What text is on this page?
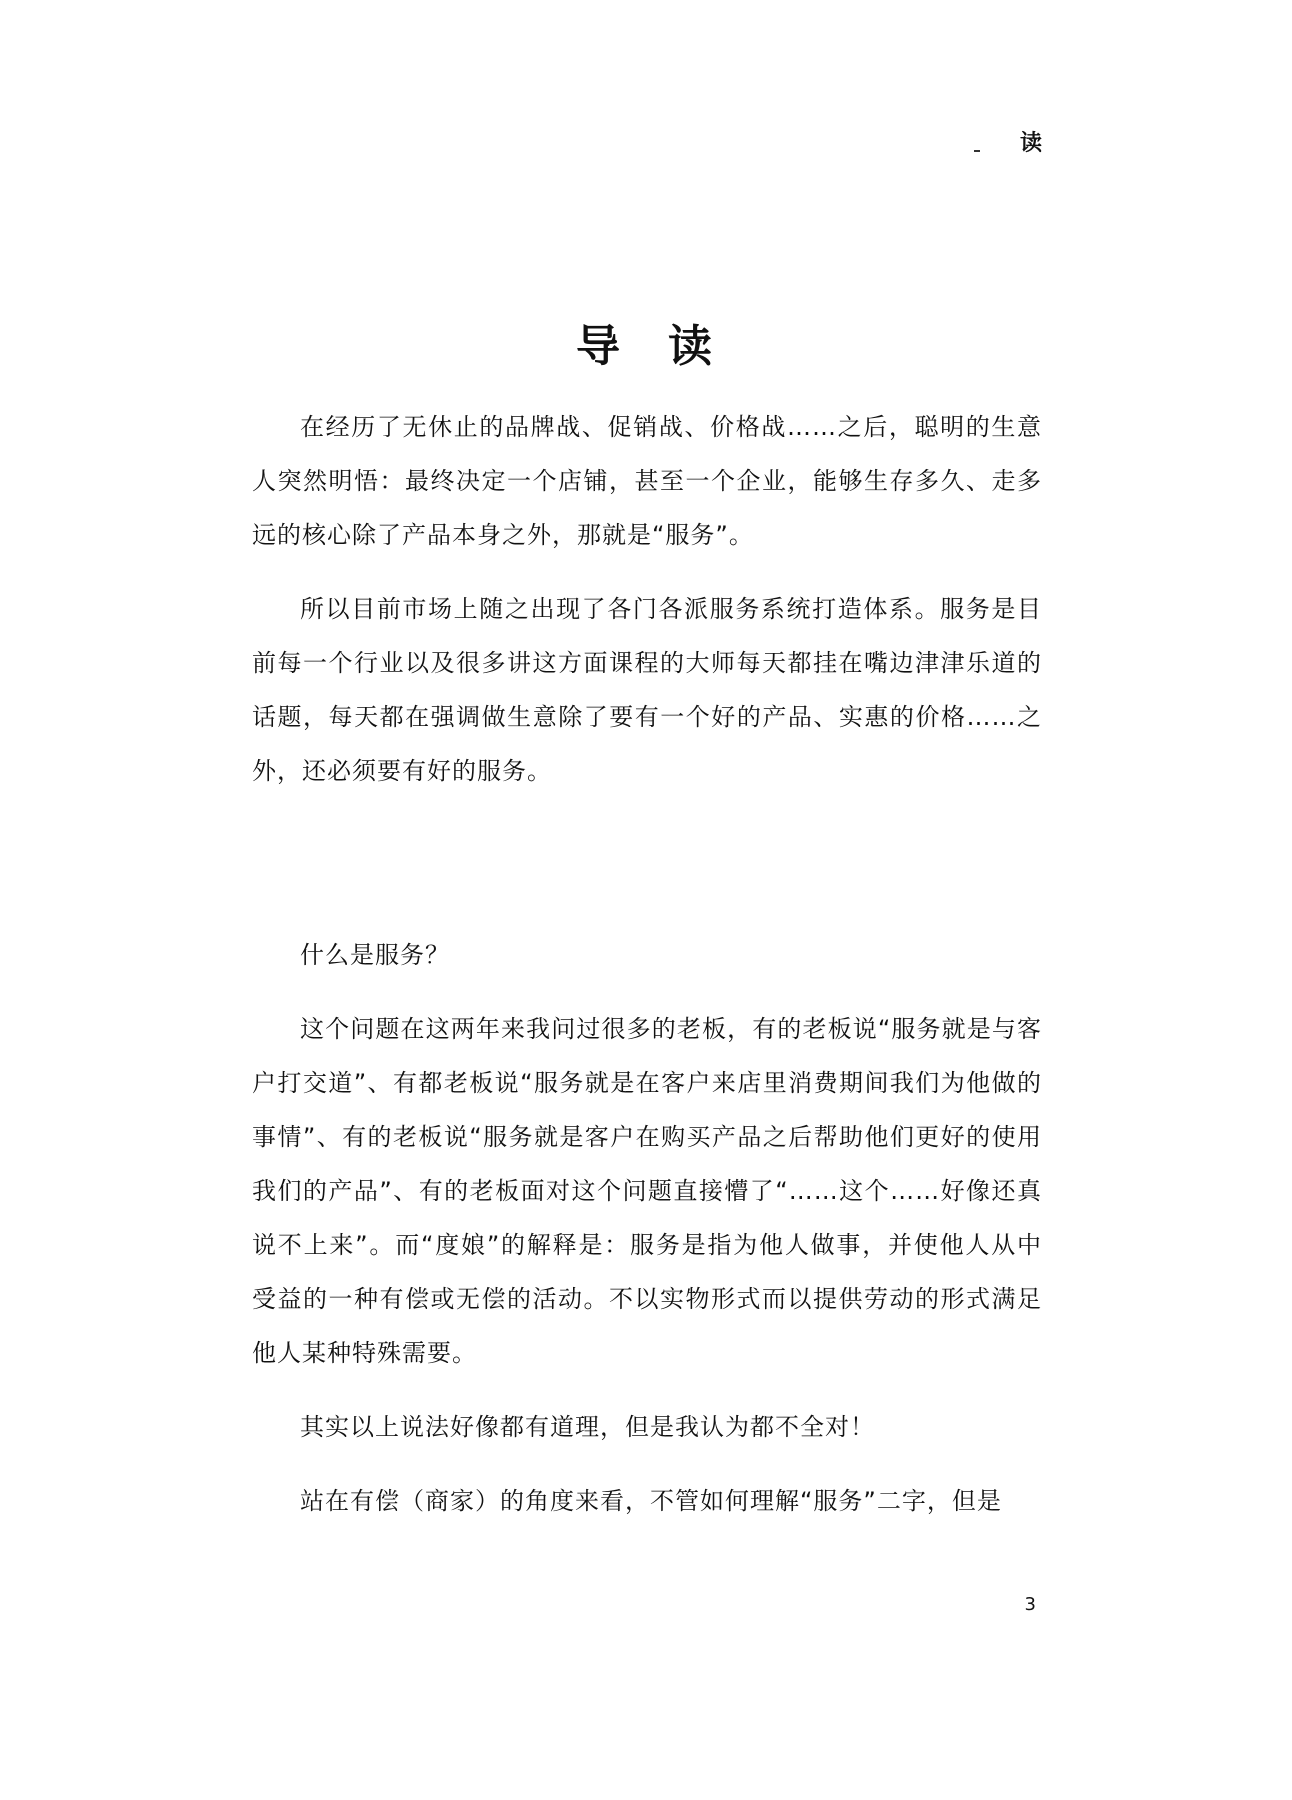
读
导读

在经历了无休止的品牌战、促销战、价格战……之后，聪明的生意人突然明悟：最终决定一个店铺，甚至一个企业，能够生存多久、走多远的核心除了产品本身之外，那就是“服务”。

所以目前市场上随之出现了各门各派服务系统打造体系。服务是目前每一个行业以及很多讲这方面课程的大师每天都挂在嘴边津津乐道的话题，每天都在强调做生意除了要有一个好的产品、实惠的价格……之外，还必须要有好的服务。

什么是服务？

这个问题在这两年来我问过很多的老板，有的老板说“服务就是与客户打交道”、有都老板说“服务就是在客户来店里消费期间我们为他做的事情”、有的老板说“服务就是客户在购买产品之后帮助他们更好的使用我们的产品”、有的老板面对这个问题直接懵了“……这个……好像还真说不上来”。而“度娘”的解释是：服务是指为他人做事，并使他人从中受益的一种有偿或无偿的活动。不以实物形式而以提供劳动的形式满足他人某种特殊需要。

其实以上说法好像都有道理，但是我认为都不全对！

站在有偿（商家）的角度来看，不管如何理解“服务”二字，但是

3
